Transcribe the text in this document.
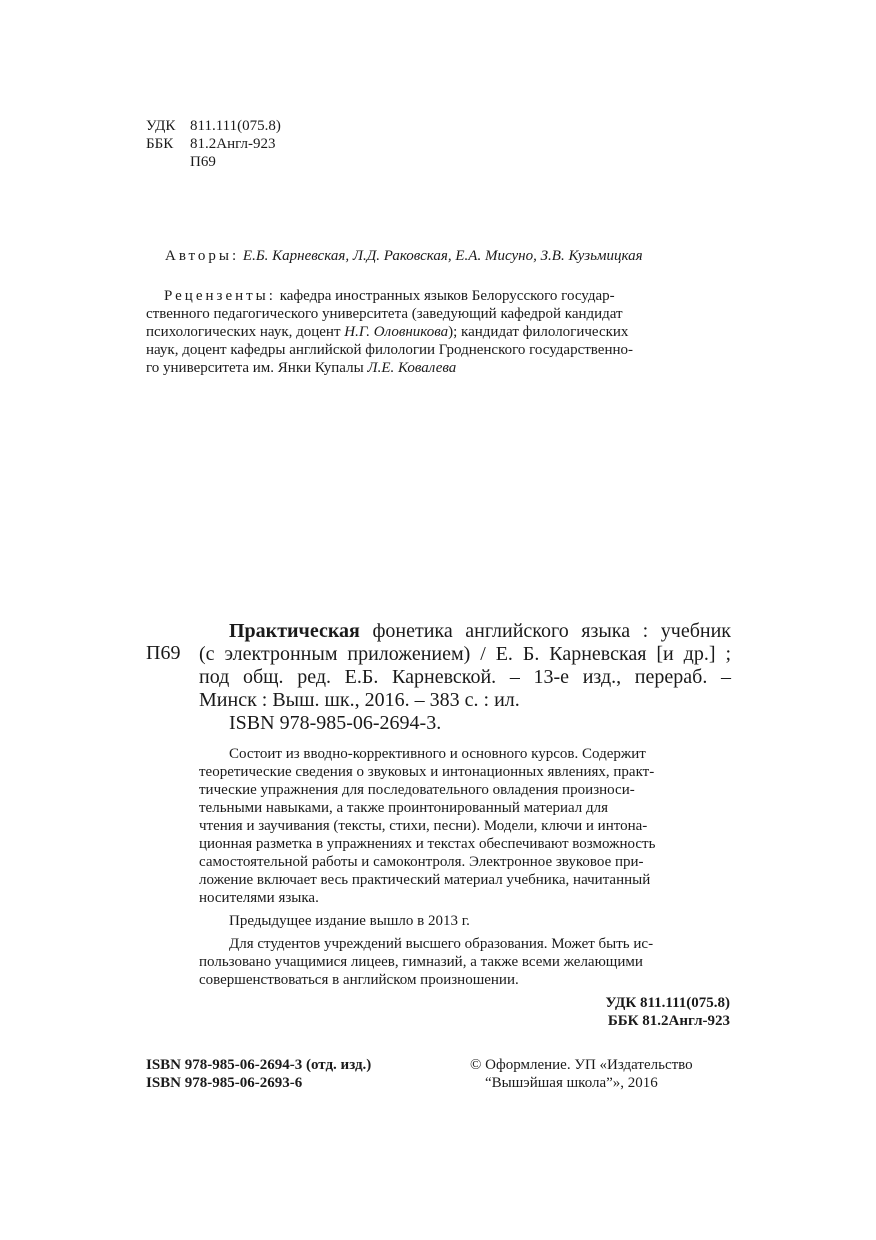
УДК 811.111(075.8)
ББК	81.2Англ-923
П69
Авторы: Е.Б. Карневская, Л.Д. Раковская, Е.А. Мисуно, З.В. Кузьмицкая

Рецензенты: кафедра иностранных языков Белорусского государ-

ственного педагогического университета (заведующий кафедрой кандидат

психологических наук, доцент Н.Г. Оловникова); кандидат филологических

наук, доцент кафедры английской филологии Гродненского государственно-

го университета им. Янки Купалы Л.Е. Ковалева

П69
Практическая фонетика английского языка : учебник
(с электронным приложением) / Е. Б. Карневская [и др.] ;
под общ. ред. Е.Б. Карневской. – 13-е изд., перераб. –
Минск : Выш. шк., 2016. – 383 с. : ил.
ISBN 978-985-06-2694-3.

Состоит из вводно-коррективного и основного курсов. Содержит

теоретические сведения о звуковых и интонационных явлениях, практ-

тические упражнения для последовательного овладения произноси-

тельными навыками, а также проинтонированный материал для

чтения и заучивания (тексты, стихи, песни). Модели, ключи и интона-

ционная разметка в упражнениях и текстах обеспечивают возможность

самостоятельной работы и самоконтроля. Электронное звуковое при-

ложение включает весь практический материал учебника, начитанный

носителями языка.

Предыдущее издание вышло в 2013 г.

Для студентов учреждений высшего образования. Может быть ис-

пользовано учащимися лицеев, гимназий, а также всеми желающими

совершенствоваться в английском произношении.

УДК 811.111(075.8)
ББК 81.2Англ-923
ISBN 978-985-06-2694-3 (отд. изд.)
ISBN 978-985-06-2693-6
© Оформление. УП «Издательство
“Вышэйшая школа”», 2016
